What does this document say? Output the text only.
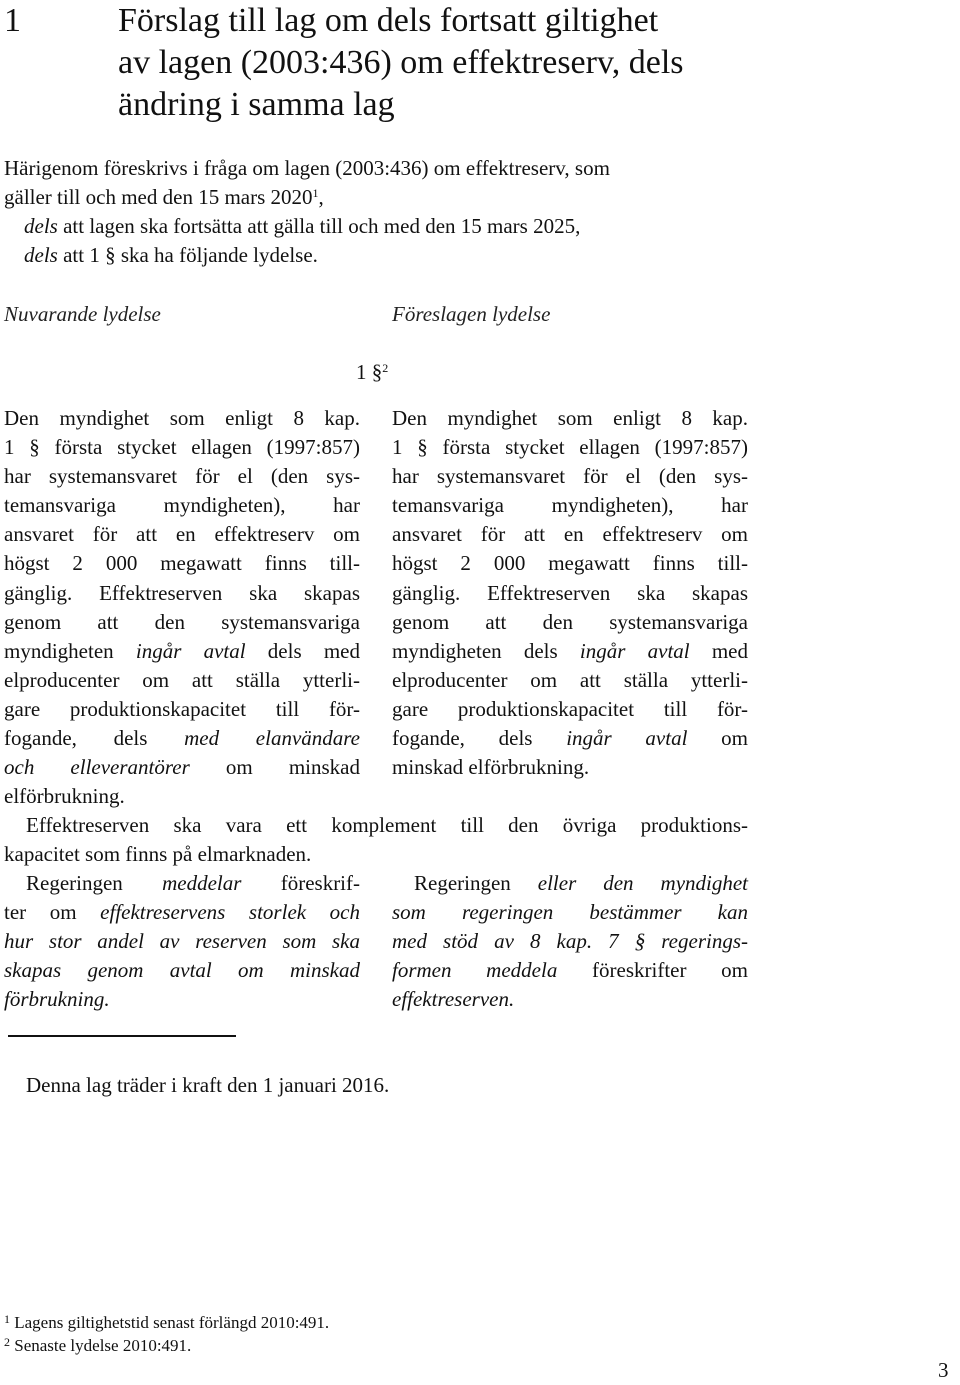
1	Förslag till lag om dels fortsatt giltighet
av lagen (2003:436) om effektreserv, dels
ändring i samma lag
Härigenom föreskrivs i fråga om lagen (2003:436) om effektreserv, som
gäller till och med den 15 mars 2020$^1$,
dels att lagen ska fortsätta att gälla till och med den 15 mars 2025,
dels att 1 § ska ha följande lydelse.
Nuvarande lydelse	Föreslagen lydelse
1 §$^2$
Den myndighet som enligt 8 kap.
1 § första stycket ellagen (1997:857)
har systemansvaret för el (den sys-
temansvariga myndigheten), har
ansvaret för att en effektreserv om
högst 2 000 megawatt finns till-
gänglig. Effektreserven ska skapas
genom att den systemansvariga
myndigheten ingår avtal dels med
elproducenter om att ställa ytterli-
gare produktionskapacitet till för-
fogande, dels med elanvändare
och elleverantörer om minskad
elförbrukning.
Den myndighet som enligt 8 kap.
1 § första stycket ellagen (1997:857)
har systemansvaret för el (den sys-
temansvariga myndigheten), har
ansvaret för att en effektreserv om
högst 2 000 megawatt finns till-
gänglig. Effektreserven ska skapas
genom att den systemansvariga
myndigheten dels ingår avtal med
elproducenter om att ställa ytterli-
gare produktionskapacitet till för-
fogande, dels ingår avtal om
minskad elförbrukning.
Effektreserven ska vara ett komplement till den övriga produktions-
kapacitet som finns på elmarknaden.
Regeringen meddelar föreskrif-
ter om effektreservens storlek och
hur stor andel av reserven som ska
skapas genom avtal om minskad
förbrukning.
Regeringen eller den myndighet
som regeringen bestämmer kan
med stöd av 8 kap. 7 § regerings-
formen meddela föreskrifter om
effektreserven.
Denna lag träder i kraft den 1 januari 2016.
$^1$ Lagens giltighetstid senast förlängd 2010:491.
$^2$ Senaste lydelse 2010:491.
3
